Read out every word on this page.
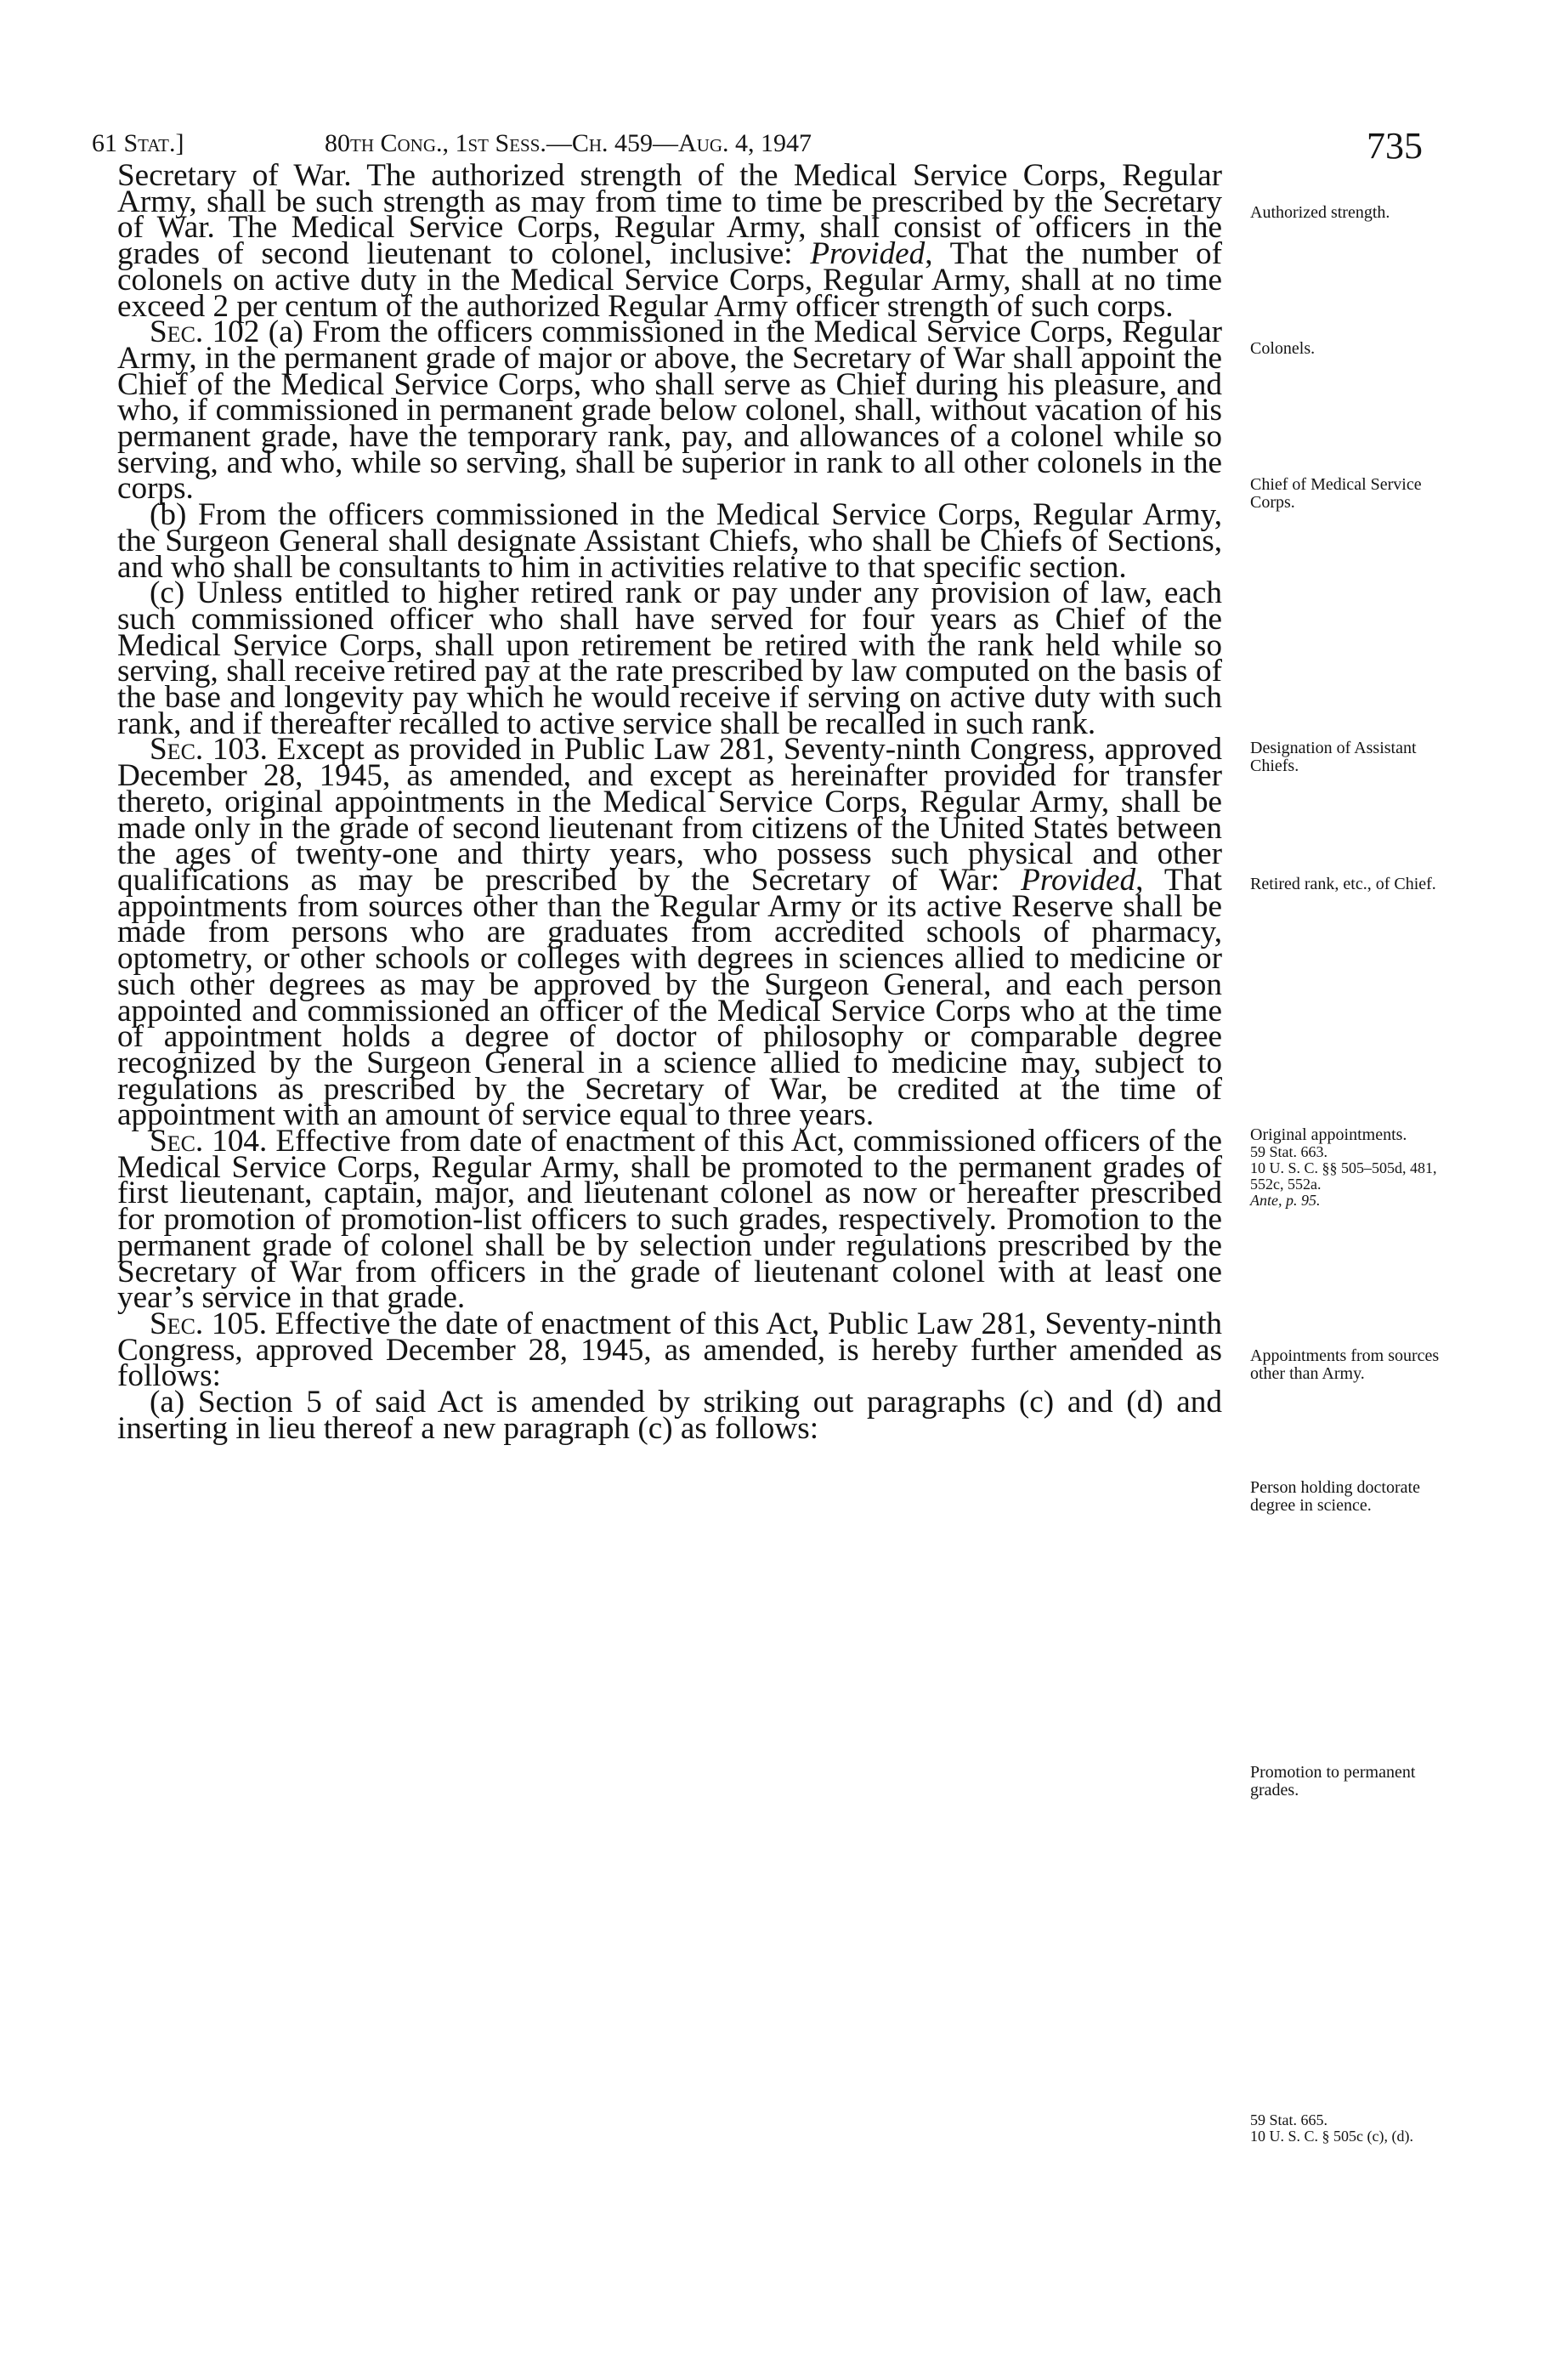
61 Stat.]	80th Cong., 1st Sess.—Ch. 459—Aug. 4, 1947	735

Secretary of War. The authorized strength of the Medical Service Corps, Regular Army, shall be such strength as may from time to time be prescribed by the Secretary of War. The Medical Service Corps, Regular Army, shall consist of officers in the grades of second lieutenant to colonel, inclusive: Provided, That the number of colonels on active duty in the Medical Service Corps, Regular Army, shall at no time exceed 2 per centum of the authorized Regular Army officer strength of such corps.

Sec. 102 (a) From the officers commissioned in the Medical Service Corps, Regular Army, in the permanent grade of major or above, the Secretary of War shall appoint the Chief of the Medical Service Corps, who shall serve as Chief during his pleasure, and who, if commissioned in permanent grade below colonel, shall, without vacation of his permanent grade, have the temporary rank, pay, and allowances of a colonel while so serving, and who, while so serving, shall be superior in rank to all other colonels in the corps.

(b) From the officers commissioned in the Medical Service Corps, Regular Army, the Surgeon General shall designate Assistant Chiefs, who shall be Chiefs of Sections, and who shall be consultants to him in activities relative to that specific section.

(c) Unless entitled to higher retired rank or pay under any provision of law, each such commissioned officer who shall have served for four years as Chief of the Medical Service Corps, shall upon retirement be retired with the rank held while so serving, shall receive retired pay at the rate prescribed by law computed on the basis of the base and longevity pay which he would receive if serving on active duty with such rank, and if thereafter recalled to active service shall be recalled in such rank.

Sec. 103. Except as provided in Public Law 281, Seventy-ninth Congress, approved December 28, 1945, as amended, and except as hereinafter provided for transfer thereto, original appointments in the Medical Service Corps, Regular Army, shall be made only in the grade of second lieutenant from citizens of the United States between the ages of twenty-one and thirty years, who possess such physical and other qualifications as may be prescribed by the Secretary of War: Provided, That appointments from sources other than the Regular Army or its active Reserve shall be made from persons who are graduates from accredited schools of pharmacy, optometry, or other schools or colleges with degrees in sciences allied to medicine or such other degrees as may be approved by the Surgeon General, and each person appointed and commissioned an officer of the Medical Service Corps who at the time of appointment holds a degree of doctor of philosophy or comparable degree recognized by the Surgeon General in a science allied to medicine may, subject to regulations as prescribed by the Secretary of War, be credited at the time of appointment with an amount of service equal to three years.

Sec. 104. Effective from date of enactment of this Act, commissioned officers of the Medical Service Corps, Regular Army, shall be promoted to the permanent grades of first lieutenant, captain, major, and lieutenant colonel as now or hereafter prescribed for promotion of promotion-list officers to such grades, respectively. Promotion to the permanent grade of colonel shall be by selection under regulations prescribed by the Secretary of War from officers in the grade of lieutenant colonel with at least one year’s service in that grade.

Sec. 105. Effective the date of enactment of this Act, Public Law 281, Seventy-ninth Congress, approved December 28, 1945, as amended, is hereby further amended as follows:

(a) Section 5 of said Act is amended by striking out paragraphs (c) and (d) and inserting in lieu thereof a new paragraph (c) as follows:

Authorized strength.
Colonels.
Chief of Medical Service Corps.
Designation of Assistant Chiefs.
Retired rank, etc., of Chief.
Original appointments.
59 Stat. 663.
10 U. S. C. §§ 505–505d, 481, 552c, 552a.
Ante, p. 95.
Appointments from sources other than Army.
Person holding doctorate degree in science.
Promotion to permanent grades.
59 Stat. 665.
10 U. S. C. § 505c (c), (d).
